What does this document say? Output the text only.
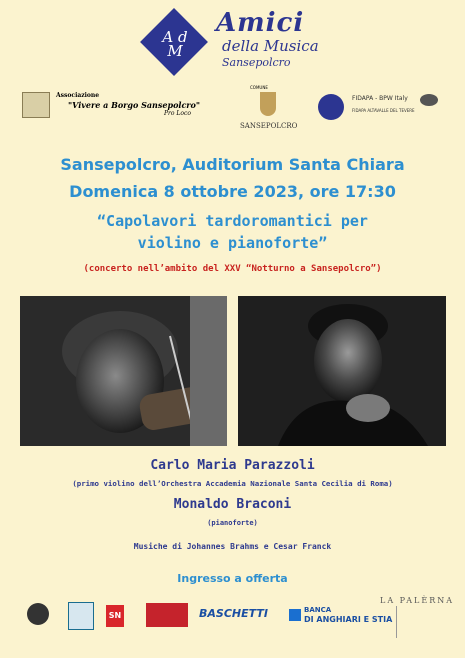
A d M
Amici
della Musica
Sansepolcro
Associazione
"Vivere a Borgo Sansepolcro"
Pro Loco
COMUNE
SANSEPOLCRO
FIDAPA - BPW Italy
FIDAPA ALTAVALLE DEL TEVERE
Sansepolcro, Auditorium Santa Chiara
Domenica 8 ottobre 2023, ore 17:30
“Capolavori tardoromantici per
violino e pianoforte”
(concerto nell’ambito del XXV “Notturno a Sansepolcro”)
Carlo Maria Parazzoli
(primo violino dell’Orchestra Accademia Nazionale Santa Cecilia di Roma)
Monaldo Braconi
(pianoforte)
Musiche di Johannes Brahms e Cesar Franck
Ingresso a offerta
SN	BASCHETTI	BANCA
DI ANGHIARI E STIA
LA PALÈRNA
